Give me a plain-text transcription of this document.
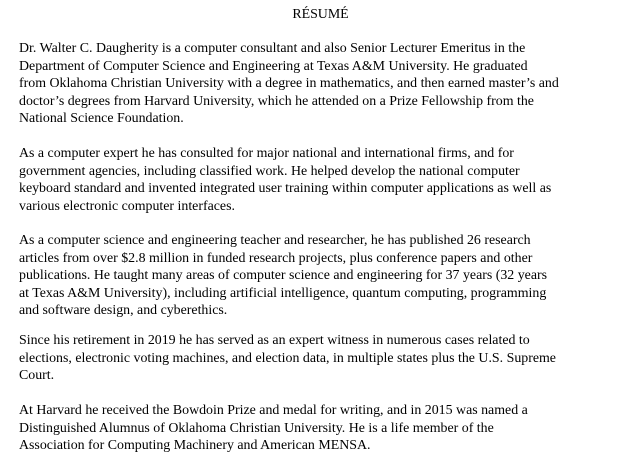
RÉSUMÉ

Dr. Walter C. Daugherity is a computer consultant and also Senior Lecturer Emeritus in the
Department of Computer Science and Engineering at Texas A&M University. He graduated
from Oklahoma Christian University with a degree in mathematics, and then earned master’s and
doctor’s degrees from Harvard University, which he attended on a Prize Fellowship from the
National Science Foundation.

As a computer expert he has consulted for major national and international firms, and for
government agencies, including classified work. He helped develop the national computer
keyboard standard and invented integrated user training within computer applications as well as
various electronic computer interfaces.

As a computer science and engineering teacher and researcher, he has published 26 research
articles from over $2.8 million in funded research projects, plus conference papers and other
publications. He taught many areas of computer science and engineering for 37 years (32 years
at Texas A&M University), including artificial intelligence, quantum computing, programming
and software design, and cyberethics.

Since his retirement in 2019 he has served as an expert witness in numerous cases related to
elections, electronic voting machines, and election data, in multiple states plus the U.S. Supreme
Court.

At Harvard he received the Bowdoin Prize and medal for writing, and in 2015 was named a
Distinguished Alumnus of Oklahoma Christian University. He is a life member of the
Association for Computing Machinery and American MENSA.
